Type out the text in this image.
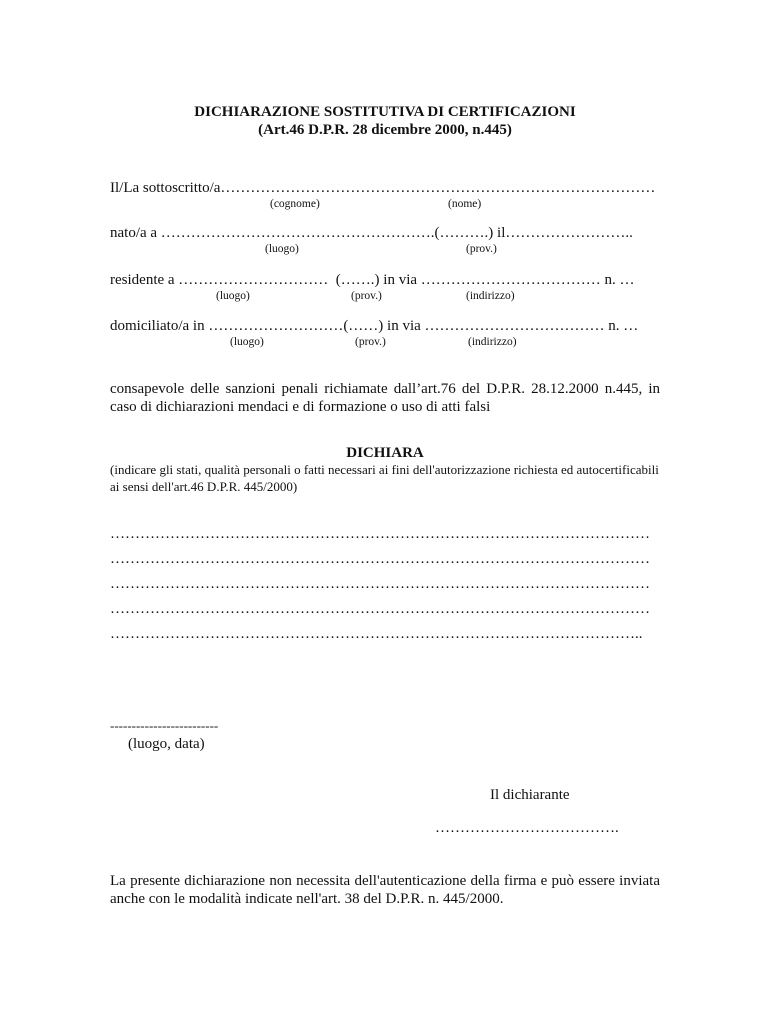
DICHIARAZIONE SOSTITUTIVA DI CERTIFICAZIONI
(Art.46 D.P.R. 28 dicembre 2000, n.445)
Il/La sottoscritto/a……………………………………………………………………………
(cognome)	(nome)
nato/a a ……………………………………………….(……….) il……………………..
(luogo)	(prov.)
residente a …………………………  (…….) in via ……………………………… n. …
(luogo)	(prov.)	(indirizzo)
domiciliato/a in ………………………(……) in via ……………………………… n. …
(luogo)	(prov.)	(indirizzo)
consapevole delle sanzioni penali richiamate dall’art.76 del D.P.R. 28.12.2000 n.445, in caso di dichiarazioni mendaci e di formazione o uso di atti falsi
DICHIARA
(indicare gli stati, qualità personali o fatti necessari ai fini dell'autorizzazione richiesta ed autocertificabili ai sensi dell'art.46 D.P.R. 445/2000)
………………………………………………………………………………………………
………………………………………………………………………………………………
………………………………………………………………………………………………
………………………………………………………………………………………………
……………………………………………………………………………………………..
-------------------------
(luogo, data)
Il dichiarante
……………………………….
La presente dichiarazione non necessita dell'autenticazione della firma e può essere inviata anche con le modalità indicate nell'art. 38 del D.P.R. n. 445/2000.
